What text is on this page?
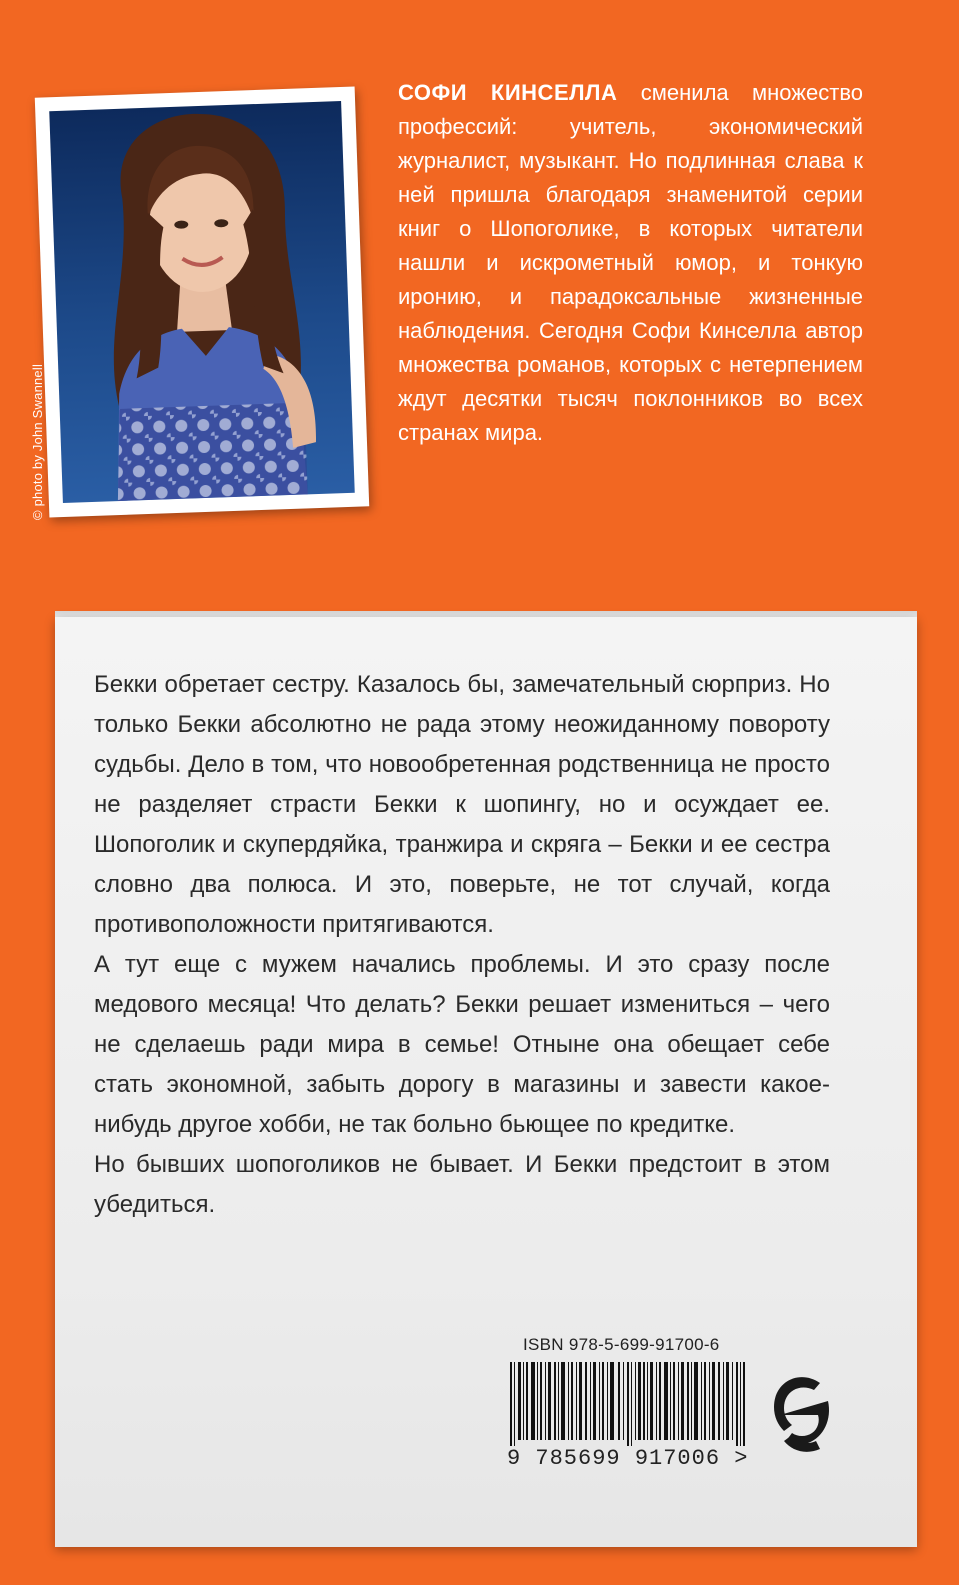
© photo by John Swannell
СОФИ КИНСЕЛЛА сменила множество профессий: учитель, экономический журналист, музыкант. Но подлинная слава к ней пришла благодаря знаменитой серии книг о Шопоголике, в которых читатели нашли и искрометный юмор, и тонкую иронию, и парадоксальные жизненные наблюдения. Сегодня Софи Кинселла автор множества романов, которых с нетерпением ждут десятки тысяч поклонников во всех странах мира.

Бекки обретает сестру. Казалось бы, замечательный сюрприз. Но только Бекки абсолютно не рада этому неожиданному повороту судьбы. Дело в том, что новообретенная родственница не просто не разделяет страсти Бекки к шопингу, но и осуждает ее. Шопоголик и скупердяйка, транжира и скряга – Бекки и ее сестра словно два полюса. И это, поверьте, не тот случай, когда противоположности притягиваются.

А тут еще с мужем начались проблемы. И это сразу после медового месяца! Что делать? Бекки решает измениться – чего не сделаешь ради мира в семье! Отныне она обещает себе стать экономной, забыть дорогу в магазины и завести какое-нибудь другое хобби, не так больно бьющее по кредитке.

Но бывших шопоголиков не бывает. И Бекки предстоит в этом убедиться.

ISBN 978-5-699-91700-6
9 785699 917006 >
